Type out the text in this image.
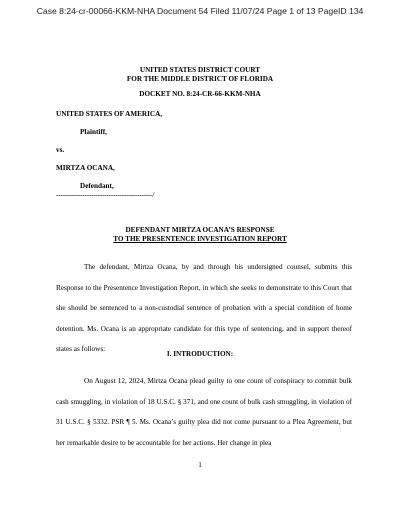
Case 8:24-cr-00066-KKM-NHA Document 54 Filed 11/07/24 Page 1 of 13 PageID 134
UNITED STATES DISTRICT COURT
FOR THE MIDDLE DISTRICT OF FLORIDA
DOCKET NO. 8:24-CR-66-KKM-NHA
UNITED STATES OF AMERICA,
Plaintiff,
vs.
MIRTZA OCANA,
Defendant,
--------------------------------------------/
DEFENDANT MIRTZA OCANA’S RESPONSE
TO THE PRESENTENCE INVESTIGATION REPORT
The defendant, Mirtza Ocana, by and through his undersigned counsel, submits this Response to the Presentence Investigation Report, in which she seeks to demonstrate to this Court that she should be sentenced to a non-custodial sentence of probation with a special condition of home detention. Ms. Ocana is an appropriate candidate for this type of sentencing, and in support thereof states as follows:
I. INTRODUCTION:
On August 12, 2024, Mirtza Ocana plead guilty to one count of conspiracy to commit bulk cash smuggling, in violation of 18 U.S.C. § 371, and one count of bulk cash smuggling, in violation of 31 U.S.C. § 5332. PSR ¶ 5. Ms. Ocana’s guilty plea did not come pursuant to a Plea Agreement, but her remarkable desire to be accountable for her actions. Her change in plea
1
